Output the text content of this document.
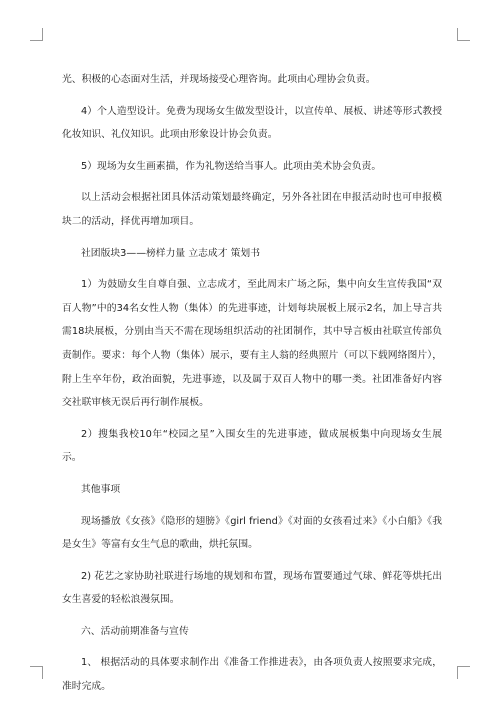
光、积极的心态面对生活，并现场接受心理咨询。此项由心理协会负责。

4）个人造型设计。免费为现场女生做发型设计，以宣传单、展板、讲述等形式教授化妆知识、礼仪知识。此项由形象设计协会负责。

5）现场为女生画素描，作为礼物送给当事人。此项由美术协会负责。

以上活动会根据社团具体活动策划最终确定，另外各社团在申报活动时也可申报模块二的活动，择优再增加项目。

社团版块3——榜样力量 立志成才 策划书

1）为鼓励女生自尊自强、立志成才，至此周末广场之际，集中向女生宣传我国“双百人物”中的34名女性人物（集体）的先进事迹，计划每块展板上展示2名，加上导言共需18块展板，分别由当天不需在现场组织活动的社团制作，其中导言板由社联宣传部负责制作。要求：每个人物（集体）展示，要有主人翁的经典照片（可以下载网络图片），附上生卒年份，政治面貌，先进事迹，以及属于双百人物中的哪一类。社团准备好内容交社联审核无误后再行制作展板。

2）搜集我校10年“校园之星”入围女生的先进事迹，做成展板集中向现场女生展示。

其他事项

现场播放《女孩》《隐形的翅膀》《girl friend》《对面的女孩看过来》《小白船》《我是女生》等富有女生气息的歌曲，烘托氛围。

2) 花艺之家协助社联进行场地的规划和布置，现场布置要通过气球、鲜花等烘托出女生喜爱的轻松浪漫氛围。

六、活动前期准备与宣传

1、 根据活动的具体要求制作出《准备工作推进表》，由各项负责人按照要求完成，准时完成。
